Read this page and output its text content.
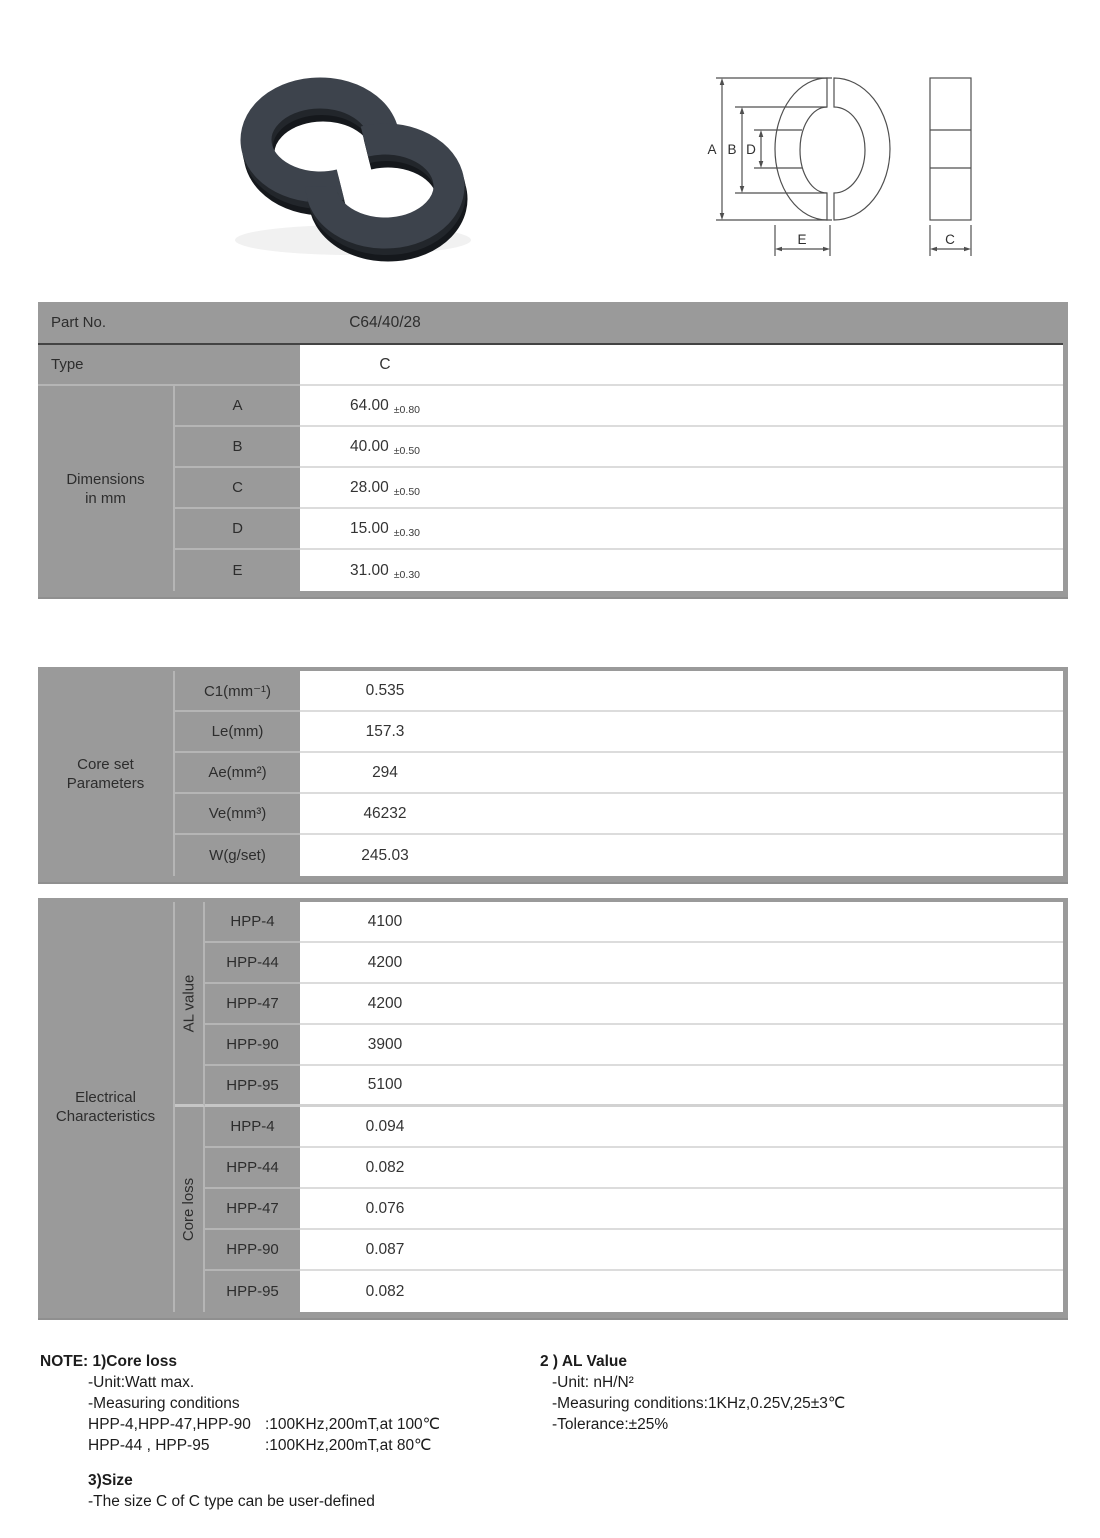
A B D
E	C
Part No.	C64/40/28
Type	C
Dimensions
in mm
A	64.00 ±0.80
B	40.00 ±0.50
C	28.00 ±0.50
D	15.00 ±0.30
E	31.00 ±0.30
Core set
Parameters
C1(mm⁻¹)	0.535
Le(mm)	157.3
Ae(mm²)	294
Ve(mm³)	46232
W(g/set)	245.03
Electrical
Characteristics
AL value
Core loss
HPP-4	4100
HPP-44	4200
HPP-47	4200
HPP-90	3900
HPP-95	5100
HPP-4	0.094
HPP-44	0.082
HPP-47	0.076
HPP-90	0.087
HPP-95	0.082
NOTE: 1)Core loss
-Unit:Watt max.
-Measuring conditions
HPP-4,HPP-47,HPP-90 :100KHz,200mT,at 100℃
HPP-44 , HPP-95	:100KHz,200mT,at 80℃
3)Size
-The size C of C type can be user-defined
2 ) AL Value
-Unit: nH/N²
-Measuring conditions:1KHz,0.25V,25±3℃
-Tolerance:±25%
